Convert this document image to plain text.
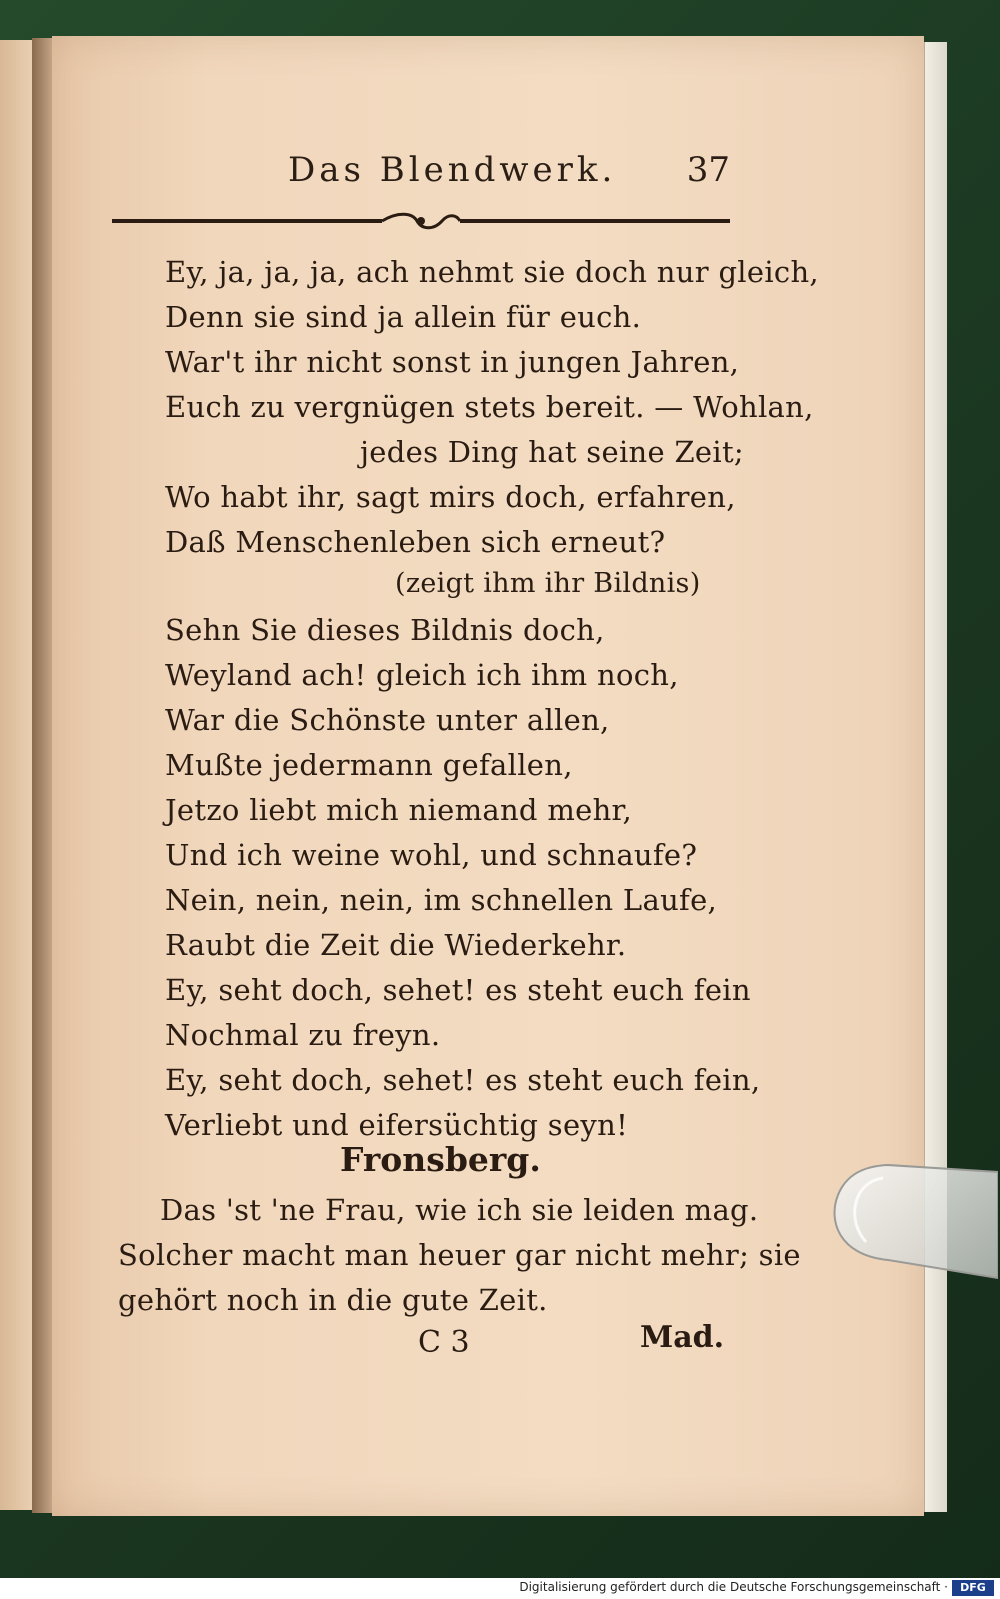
Das Blendwerk. 37
Ey, ja, ja, ja, ach nehmt sie doch nur gleich,
Denn sie sind ja allein für euch.
War't ihr nicht sonst in jungen Jahren,
Euch zu vergnügen stets bereit. — Wohlan,
jedes Ding hat seine Zeit;
Wo habt ihr, sagt mirs doch, erfahren,
Daß Menschenleben sich erneut?
(zeigt ihm ihr Bildnis)
Sehn Sie dieses Bildnis doch,
Weyland ach! gleich ich ihm noch,
War die Schönste unter allen,
Mußte jedermann gefallen,
Jetzo liebt mich niemand mehr,
Und ich weine wohl, und schnaufe?
Nein, nein, nein, im schnellen Laufe,
Raubt die Zeit die Wiederkehr.
Ey, seht doch, sehet! es steht euch fein
Nochmal zu freyn.
Ey, seht doch, sehet! es steht euch fein,
Verliebt und eifersüchtig seyn!
Fronsberg.
Das 'st 'ne Frau, wie ich sie leiden mag.
Solcher macht man heuer gar nicht mehr; sie
gehört noch in die gute Zeit.
C 3	Mad.
Digitalisierung gefördert durch die Deutsche Forschungsgemeinschaft ·	DFG
